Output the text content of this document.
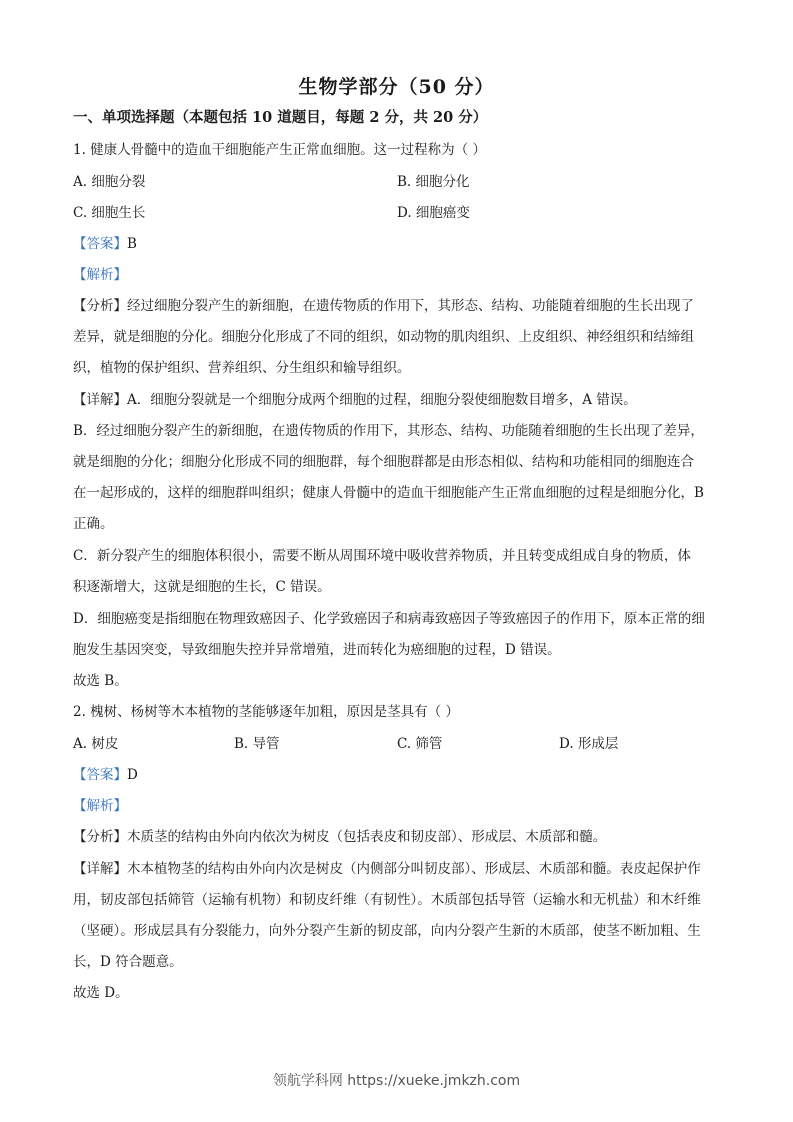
生物学部分（50 分）
一、单项选择题（本题包括 10 道题目，每题 2 分，共 20 分）
1. 健康人骨髓中的造血干细胞能产生正常血细胞。这一过程称为（ ）
A. 细胞分裂	B. 细胞分化
C. 细胞生长	D. 细胞癌变
【答案】B
【解析】
【分析】经过细胞分裂产生的新细胞，在遗传物质的作用下，其形态、结构、功能随着细胞的生长出现了
差异，就是细胞的分化。细胞分化形成了不同的组织，如动物的肌肉组织、上皮组织、神经组织和结缔组
织，植物的保护组织、营养组织、分生组织和输导组织。
【详解】A．细胞分裂就是一个细胞分成两个细胞的过程，细胞分裂使细胞数目增多，A 错误。
B．经过细胞分裂产生的新细胞，在遗传物质的作用下，其形态、结构、功能随着细胞的生长出现了差异，
就是细胞的分化；细胞分化形成不同的细胞群，每个细胞群都是由形态相似、结构和功能相同的细胞连合
在一起形成的，这样的细胞群叫组织；健康人骨髓中的造血干细胞能产生正常血细胞的过程是细胞分化，B
正确。
C．新分裂产生的细胞体积很小，需要不断从周围环境中吸收营养物质，并且转变成组成自身的物质，体
积逐渐增大，这就是细胞的生长，C 错误。
D．细胞癌变是指细胞在物理致癌因子、化学致癌因子和病毒致癌因子等致癌因子的作用下，原本正常的细
胞发生基因突变，导致细胞失控并异常增殖，进而转化为癌细胞的过程，D 错误。
故选 B。
2. 槐树、杨树等木本植物的茎能够逐年加粗，原因是茎具有（ ）
A. 树皮	B. 导管	C. 筛管	D. 形成层
【答案】D
【解析】
【分析】木质茎的结构由外向内依次为树皮（包括表皮和韧皮部）、形成层、木质部和髓。
【详解】木本植物茎的结构由外向内次是树皮（内侧部分叫韧皮部）、形成层、木质部和髓。表皮起保护作
用，韧皮部包括筛管（运输有机物）和韧皮纤维（有韧性）。木质部包括导管（运输水和无机盐）和木纤维
（坚硬）。形成层具有分裂能力，向外分裂产生新的韧皮部，向内分裂产生新的木质部，使茎不断加粗、生
长，D 符合题意。
故选 D。
领航学科网 https://xueke.jmkzh.com
